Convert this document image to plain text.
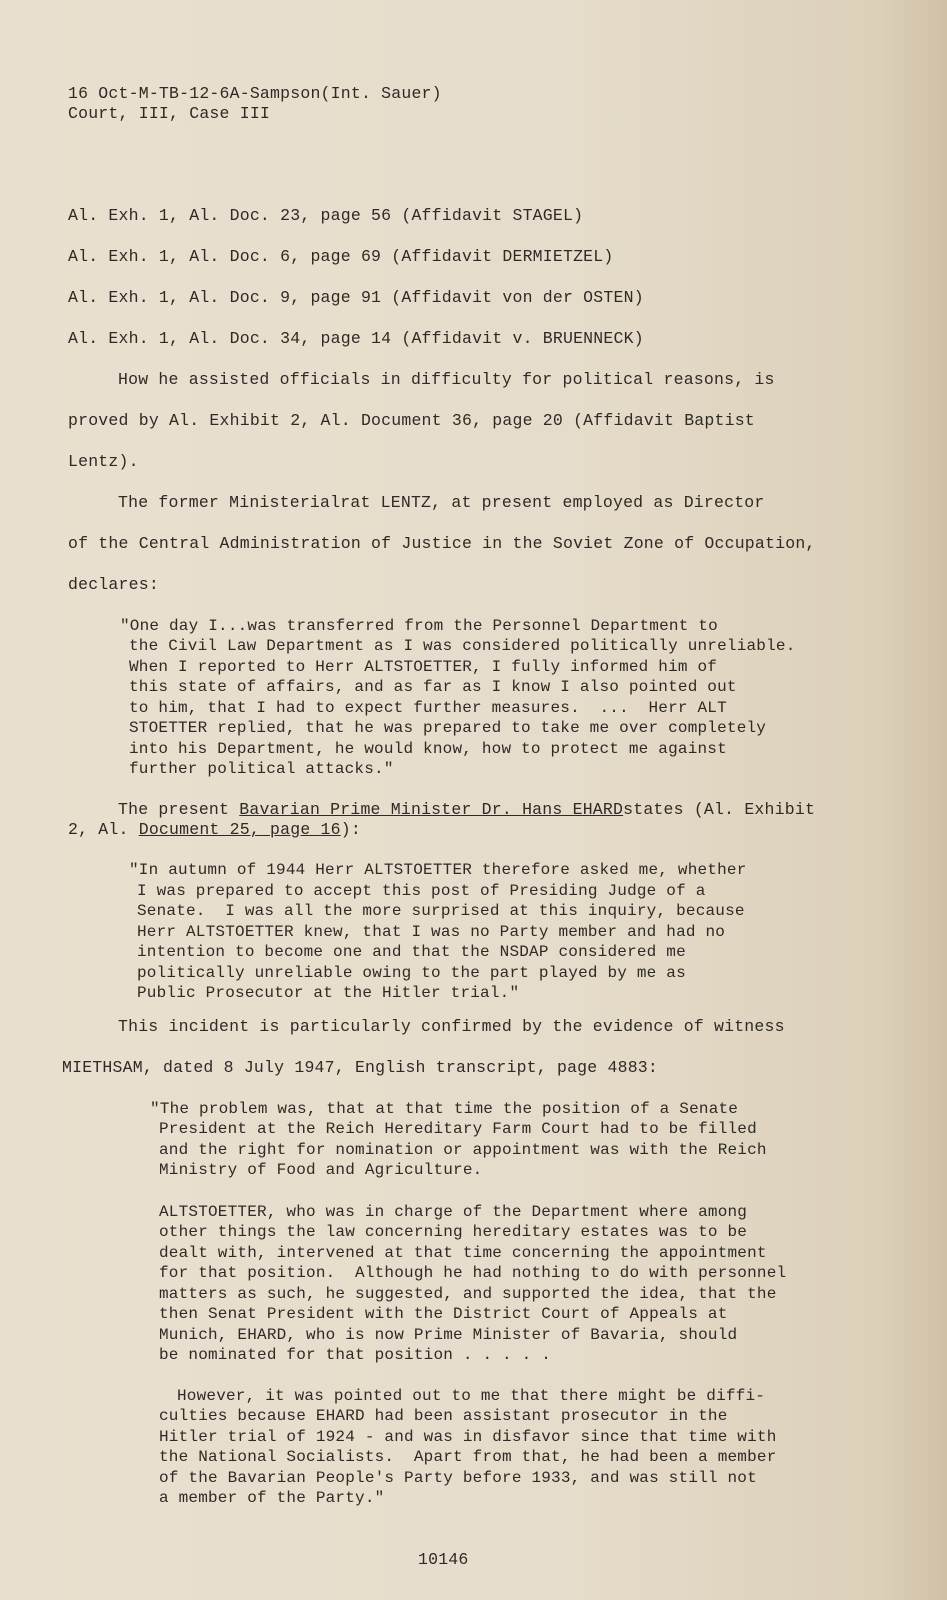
16 Oct-M-TB-12-6A-Sampson(Int. Sauer)

Court, III, Case III

Al. Exh. 1, Al. Doc. 23, page 56 (Affidavit STAGEL)

Al. Exh. 1, Al. Doc. 6, page 69 (Affidavit DERMIETZEL)

Al. Exh. 1, Al. Doc. 9, page 91 (Affidavit von der OSTEN)

Al. Exh. 1, Al. Doc. 34, page 14 (Affidavit v. BRUENNECK)

How he assisted officials in difficulty for political reasons, is

proved by Al. Exhibit 2, Al. Document 36, page 20 (Affidavit Baptist

Lentz).

The former Ministerialrat LENTZ, at present employed as Director

of the Central Administration of Justice in the Soviet Zone of Occupation,

declares:

"One day I...was transferred from the Personnel Department to

the Civil Law Department as I was considered politically unreliable.

When I reported to Herr ALTSTOETTER, I fully informed him of

this state of affairs, and as far as I know I also pointed out

to him, that I had to expect further measures.  ...  Herr ALT

STOETTER replied, that he was prepared to take me over completely

into his Department, he would know, how to protect me against

further political attacks."

The present Bavarian Prime Minister Dr. Hans EHARDstates (Al. Exhibit

2, Al. Document 25, page 16):

"In autumn of 1944 Herr ALTSTOETTER therefore asked me, whether

I was prepared to accept this post of Presiding Judge of a

Senate.  I was all the more surprised at this inquiry, because

Herr ALTSTOETTER knew, that I was no Party member and had no

intention to become one and that the NSDAP considered me

politically unreliable owing to the part played by me as

Public Prosecutor at the Hitler trial."

This incident is particularly confirmed by the evidence of witness

MIETHSAM, dated 8 July 1947, English transcript, page 4883:

"The problem was, that at that time the position of a Senate

President at the Reich Hereditary Farm Court had to be filled

and the right for nomination or appointment was with the Reich

Ministry of Food and Agriculture.

ALTSTOETTER, who was in charge of the Department where among

other things the law concerning hereditary estates was to be

dealt with, intervened at that time concerning the appointment

for that position.  Although he had nothing to do with personnel

matters as such, he suggested, and supported the idea, that the

then Senat President with the District Court of Appeals at

Munich, EHARD, who is now Prime Minister of Bavaria, should

be nominated for that position . . . . .

However, it was pointed out to me that there might be diffi-

culties because EHARD had been assistant prosecutor in the

Hitler trial of 1924 - and was in disfavor since that time with

the National Socialists.  Apart from that, he had been a member

of the Bavarian People's Party before 1933, and was still not

a member of the Party."

10146
